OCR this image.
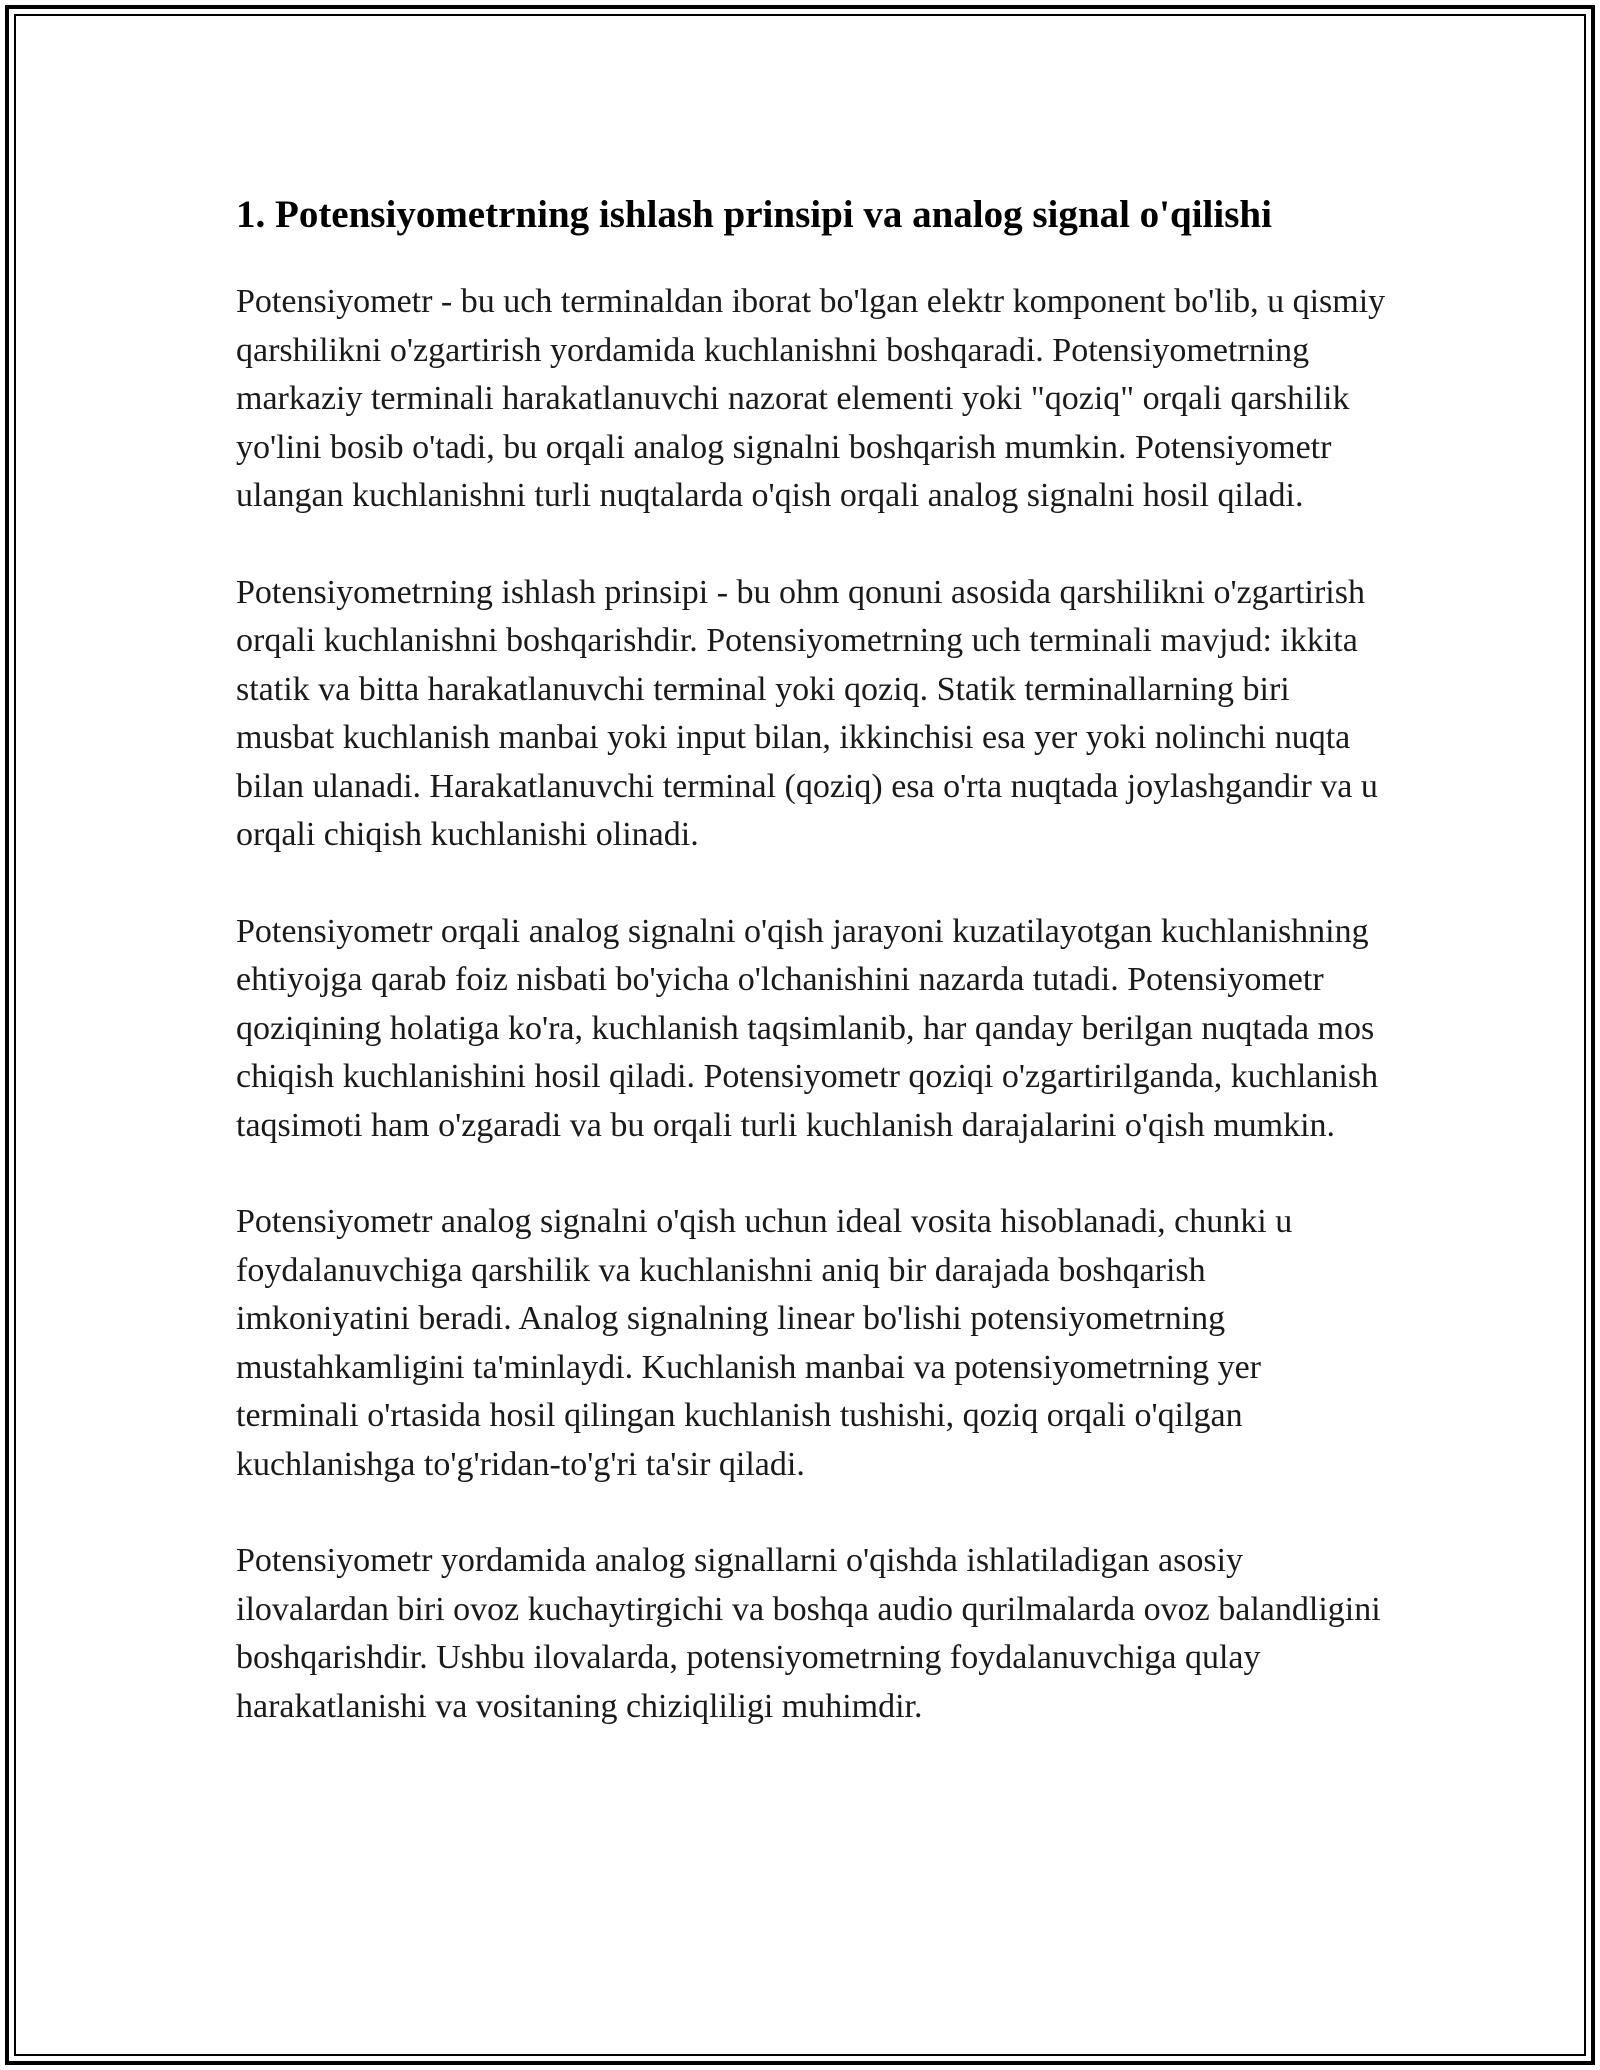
1. Potensiyometrning ishlash prinsipi va analog signal o'qilishi

Potensiyometr - bu uch terminaldan iborat bo'lgan elektr komponent bo'lib, u qismiy qarshilikni o'zgartirish yordamida kuchlanishni boshqaradi. Potensiyometrning markaziy terminali harakatlanuvchi nazorat elementi yoki "qoziq" orqali qarshilik yo'lini bosib o'tadi, bu orqali analog signalni boshqarish mumkin. Potensiyometr ulangan kuchlanishni turli nuqtalarda o'qish orqali analog signalni hosil qiladi.

Potensiyometrning ishlash prinsipi - bu ohm qonuni asosida qarshilikni o'zgartirish orqali kuchlanishni boshqarishdir. Potensiyometrning uch terminali mavjud: ikkita statik va bitta harakatlanuvchi terminal yoki qoziq. Statik terminallarning biri musbat kuchlanish manbai yoki input bilan, ikkinchisi esa yer yoki nolinchi nuqta bilan ulanadi. Harakatlanuvchi terminal (qoziq) esa o'rta nuqtada joylashgandir va u orqali chiqish kuchlanishi olinadi.

Potensiyometr orqali analog signalni o'qish jarayoni kuzatilayotgan kuchlanishning ehtiyojga qarab foiz nisbati bo'yicha o'lchanishini nazarda tutadi. Potensiyometr qoziqining holatiga ko'ra, kuchlanish taqsimlanib, har qanday berilgan nuqtada mos chiqish kuchlanishini hosil qiladi. Potensiyometr qoziqi o'zgartirilganda, kuchlanish taqsimoti ham o'zgaradi va bu orqali turli kuchlanish darajalarini o'qish mumkin.

Potensiyometr analog signalni o'qish uchun ideal vosita hisoblanadi, chunki u foydalanuvchiga qarshilik va kuchlanishni aniq bir darajada boshqarish imkoniyatini beradi. Analog signalning linear bo'lishi potensiyometrning mustahkamligini ta'minlaydi. Kuchlanish manbai va potensiyometrning yer terminali o'rtasida hosil qilingan kuchlanish tushishi, qoziq orqali o'qilgan kuchlanishga to'g'ridan-to'g'ri ta'sir qiladi.

Potensiyometr yordamida analog signallarni o'qishda ishlatiladigan asosiy ilovalardan biri ovoz kuchaytirgichi va boshqa audio qurilmalarda ovoz balandligini boshqarishdir. Ushbu ilovalarda, potensiyometrning foydalanuvchiga qulay harakatlanishi va vositaning chiziqliligi muhimdir.
